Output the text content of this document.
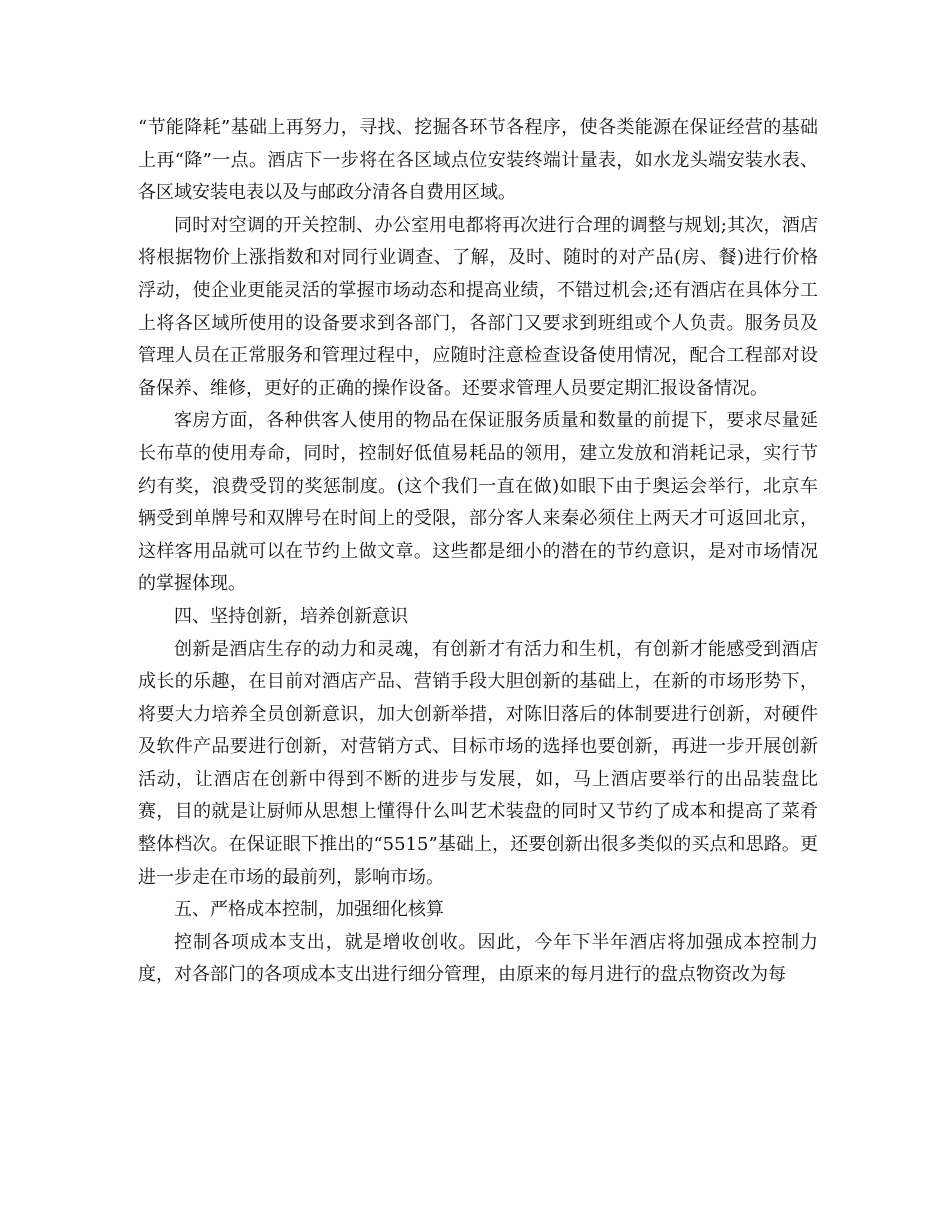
“节能降耗”基础上再努力，寻找、挖掘各环节各程序，使各类能源在保证经营的基础上再“降”一点。酒店下一步将在各区域点位安装终端计量表，如水龙头端安装水表、各区域安装电表以及与邮政分清各自费用区域。

同时对空调的开关控制、办公室用电都将再次进行合理的调整与规划;其次，酒店将根据物价上涨指数和对同行业调查、了解，及时、随时的对产品(房、餐)进行价格浮动，使企业更能灵活的掌握市场动态和提高业绩，不错过机会;还有酒店在具体分工上将各区域所使用的设备要求到各部门，各部门又要求到班组或个人负责。服务员及管理人员在正常服务和管理过程中，应随时注意检查设备使用情况，配合工程部对设备保养、维修，更好的正确的操作设备。还要求管理人员要定期汇报设备情况。

客房方面，各种供客人使用的物品在保证服务质量和数量的前提下，要求尽量延长布草的使用寿命，同时，控制好低值易耗品的领用，建立发放和消耗记录，实行节约有奖，浪费受罚的奖惩制度。(这个我们一直在做)如眼下由于奥运会举行，北京车辆受到单牌号和双牌号在时间上的受限，部分客人来秦必须住上两天才可返回北京，这样客用品就可以在节约上做文章。这些都是细小的潜在的节约意识，是对市场情况的掌握体现。

四、坚持创新，培养创新意识

创新是酒店生存的动力和灵魂，有创新才有活力和生机，有创新才能感受到酒店成长的乐趣，在目前对酒店产品、营销手段大胆创新的基础上，在新的市场形势下，将要大力培养全员创新意识，加大创新举措，对陈旧落后的体制要进行创新，对硬件及软件产品要进行创新，对营销方式、目标市场的选择也要创新，再进一步开展创新活动，让酒店在创新中得到不断的进步与发展，如，马上酒店要举行的出品装盘比赛，目的就是让厨师从思想上懂得什么叫艺术装盘的同时又节约了成本和提高了菜肴整体档次。在保证眼下推出的“5515”基础上，还要创新出很多类似的买点和思路。更进一步走在市场的最前列，影响市场。

五、严格成本控制，加强细化核算

控制各项成本支出，就是增收创收。因此，今年下半年酒店将加强成本控制力度，对各部门的各项成本支出进行细分管理，由原来的每月进行的盘点物资改为每
